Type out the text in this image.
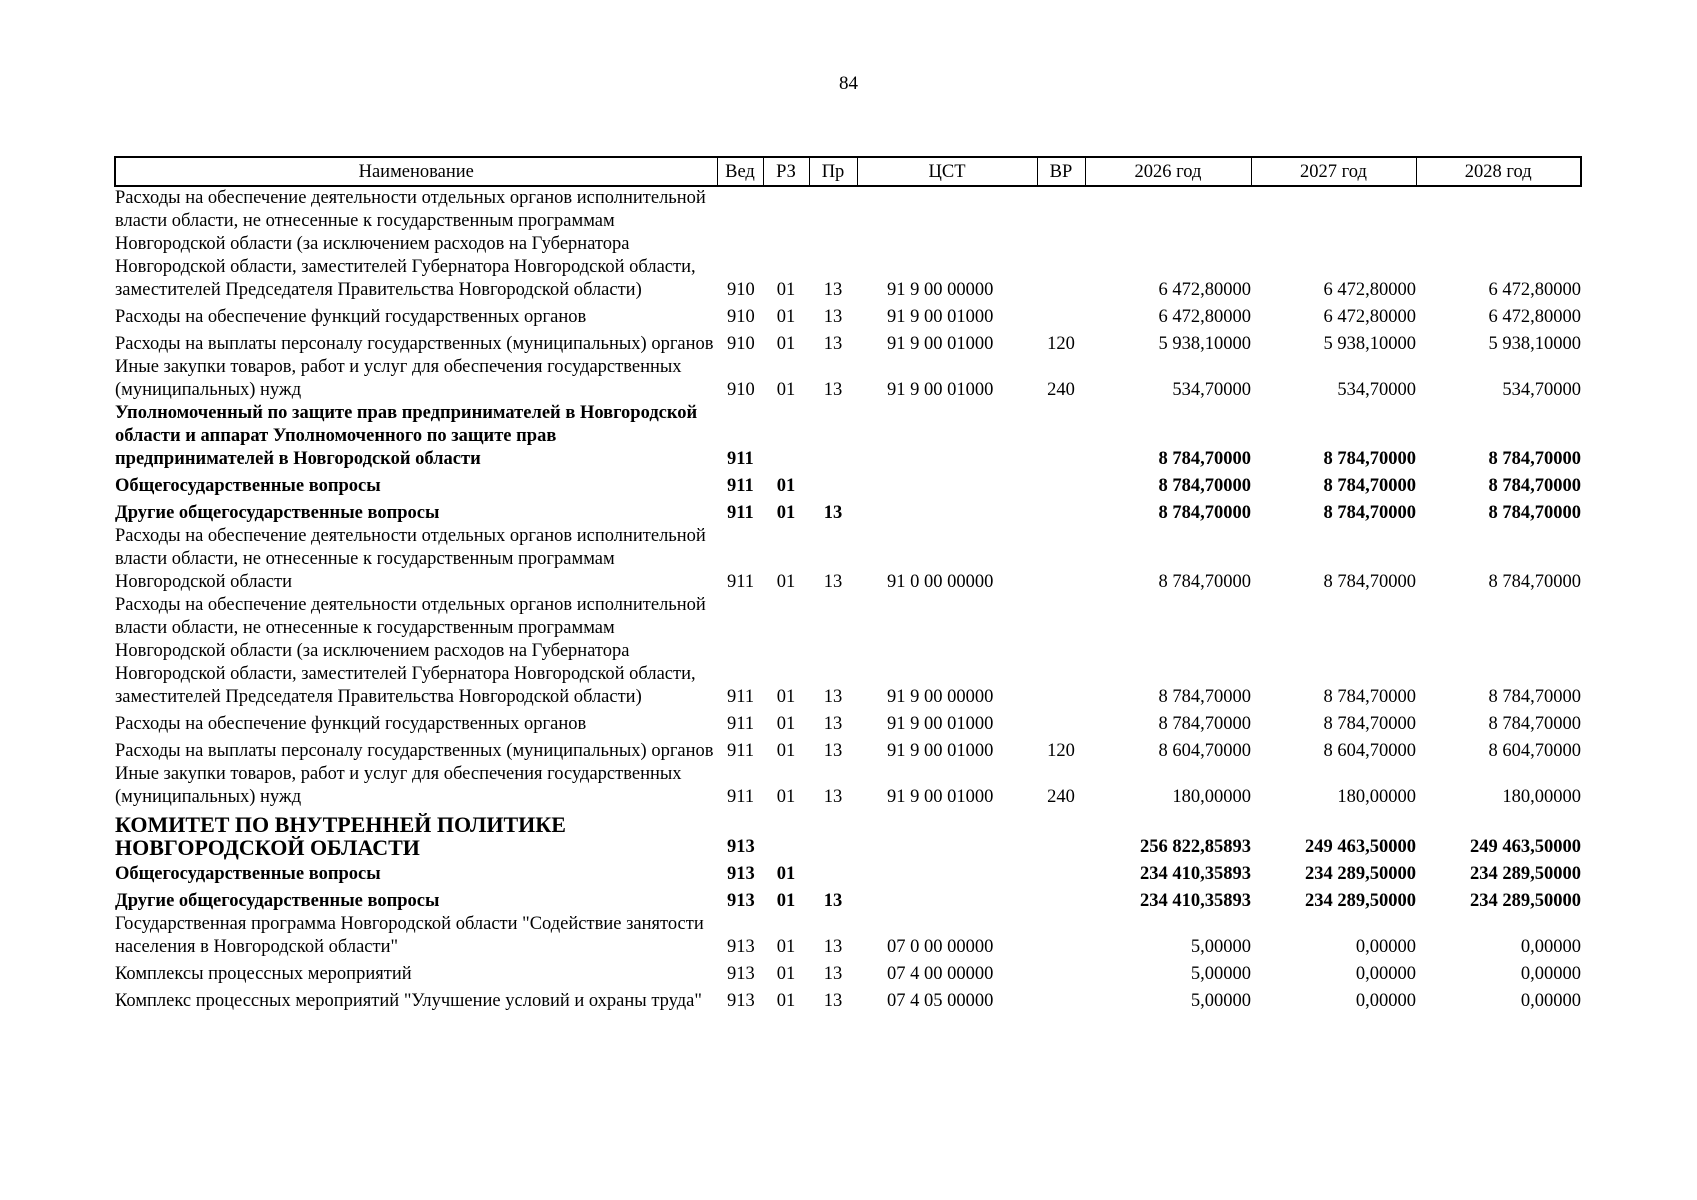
84
Наименование	Вед	РЗ	Пр	ЦСТ	ВР	2026 год	2027 год	2028 год
Расходы на обеспечение деятельности отдельных органов исполнительной власти области, не отнесенные к государственным программам Новгородской области (за исключением расходов на Губернатора Новгородской области, заместителей Губернатора Новгородской области, заместителей Председателя Правительства Новгородской области)	910	01	13	91 9 00 00000		6 472,80000	6 472,80000	6 472,80000
Расходы на обеспечение функций государственных органов	910	01	13	91 9 00 01000		6 472,80000	6 472,80000	6 472,80000
Расходы на выплаты персоналу государственных (муниципальных) органов	910	01	13	91 9 00 01000	120	5 938,10000	5 938,10000	5 938,10000
Иные закупки товаров, работ и услуг для обеспечения государственных (муниципальных) нужд	910	01	13	91 9 00 01000	240	534,70000	534,70000	534,70000
Уполномоченный по защите прав предпринимателей в Новгородской области и аппарат Уполномоченного по защите прав предпринимателей в Новгородской области	911					8 784,70000	8 784,70000	8 784,70000
Общегосударственные вопросы	911	01				8 784,70000	8 784,70000	8 784,70000
Другие общегосударственные вопросы	911	01	13			8 784,70000	8 784,70000	8 784,70000
Расходы на обеспечение деятельности отдельных органов исполнительной власти области, не отнесенные к государственным программам Новгородской области	911	01	13	91 0 00 00000		8 784,70000	8 784,70000	8 784,70000
Расходы на обеспечение деятельности отдельных органов исполнительной власти области, не отнесенные к государственным программам Новгородской области (за исключением расходов на Губернатора Новгородской области, заместителей Губернатора Новгородской области, заместителей Председателя Правительства Новгородской области)	911	01	13	91 9 00 00000		8 784,70000	8 784,70000	8 784,70000
Расходы на обеспечение функций государственных органов	911	01	13	91 9 00 01000		8 784,70000	8 784,70000	8 784,70000
Расходы на выплаты персоналу государственных (муниципальных) органов	911	01	13	91 9 00 01000	120	8 604,70000	8 604,70000	8 604,70000
Иные закупки товаров, работ и услуг для обеспечения государственных (муниципальных) нужд	911	01	13	91 9 00 01000	240	180,00000	180,00000	180,00000
КОМИТЕТ ПО ВНУТРЕННЕЙ ПОЛИТИКЕ НОВГОРОДСКОЙ ОБЛАСТИ	913					256 822,85893	249 463,50000	249 463,50000
Общегосударственные вопросы	913	01				234 410,35893	234 289,50000	234 289,50000
Другие общегосударственные вопросы	913	01	13			234 410,35893	234 289,50000	234 289,50000
Государственная программа Новгородской области "Содействие занятости населения в Новгородской области"	913	01	13	07 0 00 00000		5,00000	0,00000	0,00000
Комплексы процессных мероприятий	913	01	13	07 4 00 00000		5,00000	0,00000	0,00000
Комплекс процессных мероприятий "Улучшение условий и охраны труда"	913	01	13	07 4 05 00000		5,00000	0,00000	0,00000
